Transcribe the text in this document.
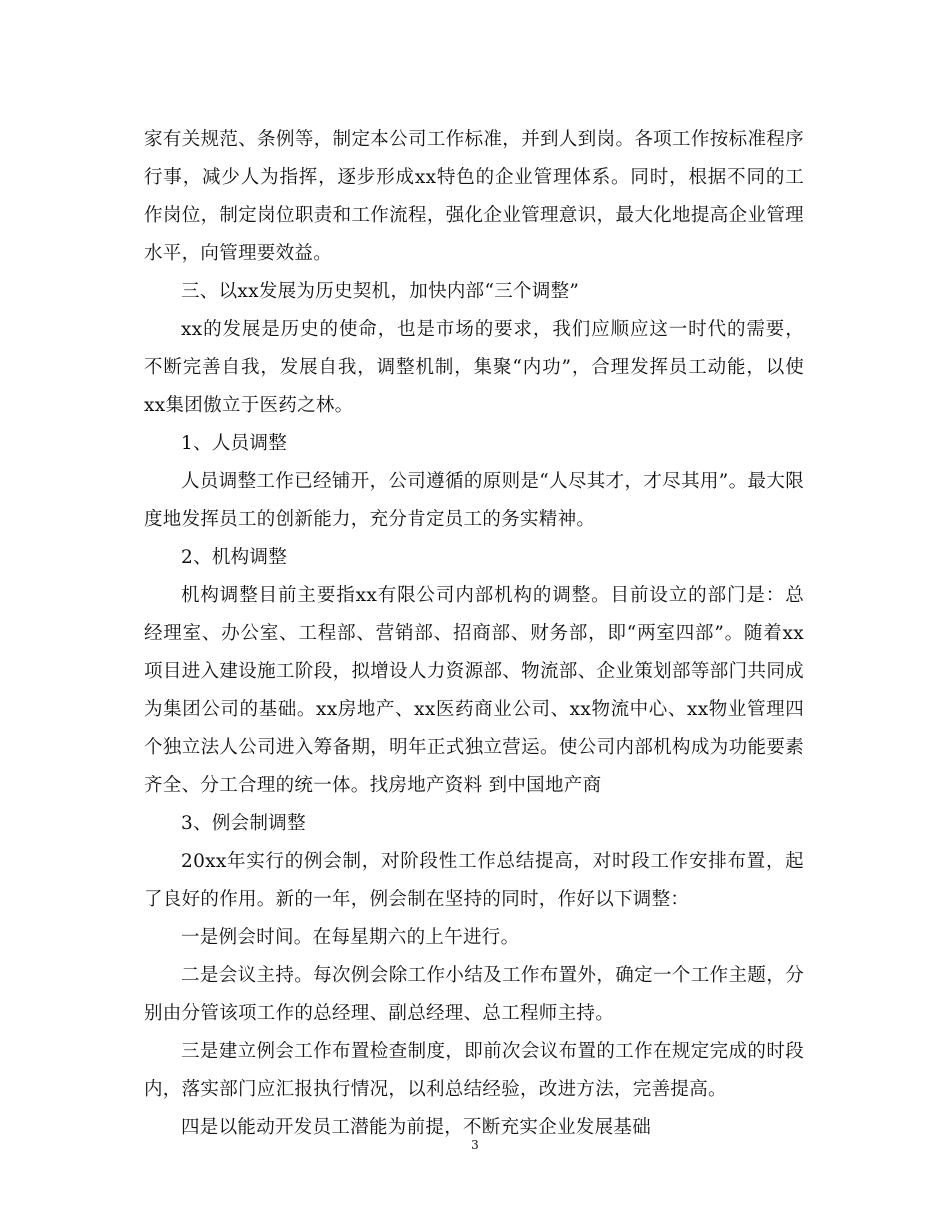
家有关规范、条例等，制定本公司工作标准，并到人到岗。各项工作按标准程序行事，减少人为指挥，逐步形成xx特色的企业管理体系。同时，根据不同的工作岗位，制定岗位职责和工作流程，强化企业管理意识，最大化地提高企业管理水平，向管理要效益。

三、以xx发展为历史契机，加快内部“三个调整”

xx的发展是历史的使命，也是市场的要求，我们应顺应这一时代的需要，不断完善自我，发展自我，调整机制，集聚“内功”，合理发挥员工动能，以使xx集团傲立于医药之林。

1、人员调整

人员调整工作已经铺开，公司遵循的原则是“人尽其才，才尽其用”。最大限度地发挥员工的创新能力，充分肯定员工的务实精神。

2、机构调整

机构调整目前主要指xx有限公司内部机构的调整。目前设立的部门是：总经理室、办公室、工程部、营销部、招商部、财务部，即“两室四部”。随着xx项目进入建设施工阶段，拟增设人力资源部、物流部、企业策划部等部门共同成为集团公司的基础。xx房地产、xx医药商业公司、xx物流中心、xx物业管理四个独立法人公司进入筹备期，明年正式独立营运。使公司内部机构成为功能要素齐全、分工合理的统一体。找房地产资料 到中国地产商

3、例会制调整

20xx年实行的例会制，对阶段性工作总结提高，对时段工作安排布置，起了良好的作用。新的一年，例会制在坚持的同时，作好以下调整：

一是例会时间。在每星期六的上午进行。

二是会议主持。每次例会除工作小结及工作布置外，确定一个工作主题，分别由分管该项工作的总经理、副总经理、总工程师主持。

三是建立例会工作布置检查制度，即前次会议布置的工作在规定完成的时段内，落实部门应汇报执行情况，以利总结经验，改进方法，完善提高。

四是以能动开发员工潜能为前提，不断充实企业发展基础

3
